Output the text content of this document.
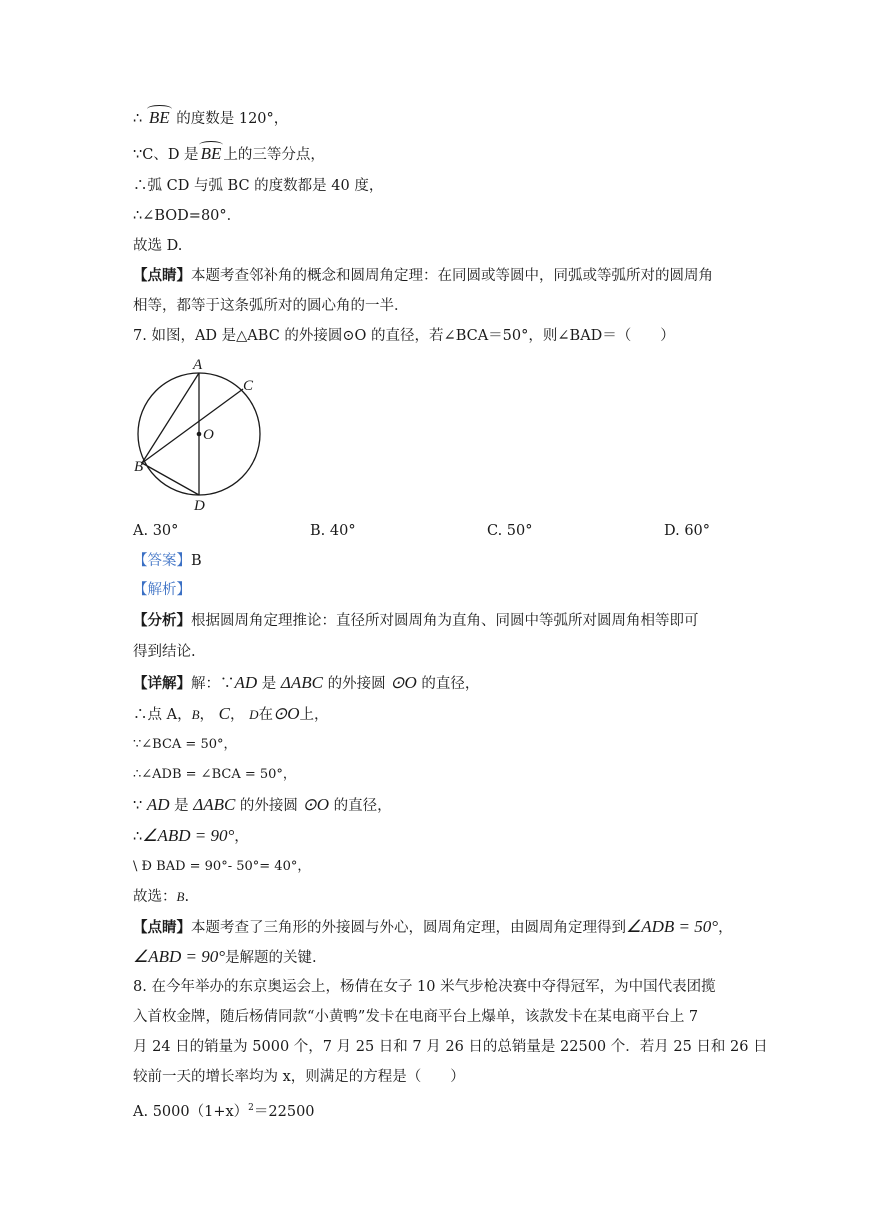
∴ BE 的度数是 120°，
∵C、D 是 BE 上的三等分点，
∴弧 CD 与弧 BC 的度数都是 40 度，
∴∠BOD=80°．
故选 D.
【点睛】本题考查邻补角的概念和圆周角定理：在同圆或等圆中，同弧或等弧所对的圆周角
相等，都等于这条弧所对的圆心角的一半．
7. 如图，AD 是△ABC 的外接圆⊙O 的直径，若∠BCA＝50°，则∠BAD＝（　　）
A
C
O
B
D
A. 30°	B. 40°	C. 50°	D. 60°
【答案】B
【解析】
【分析】根据圆周角定理推论：直径所对圆周角为直角、同圆中等弧所对圆周角相等即可
得到结论.
【详解】解：∵AD 是 ΔABC 的外接圆 ⊙O 的直径，
∴点 A，B， C， D在⊙O上，
∵∠BCA = 50°，
∴∠ADB = ∠BCA = 50°，
∵ AD 是 ΔABC 的外接圆 ⊙O 的直径，
∴∠ABD = 90°，
\ Ð BAD = 90°- 50°= 40°，
故选：B.
【点睛】本题考查了三角形的外接圆与外心，圆周角定理，由圆周角定理得到∠ADB = 50°，
∠ABD = 90°是解题的关键.
8. 在今年举办的东京奥运会上，杨倩在女子 10 米气步枪决赛中夺得冠军，为中国代表团揽
入首枚金牌，随后杨倩同款“小黄鸭”发卡在电商平台上爆单，该款发卡在某电商平台上 7
月 24 日的销量为 5000 个，7 月 25 日和 7 月 26 日的总销量是 22500 个．若月 25 日和 26 日
较前一天的增长率均为 x，则满足的方程是（　　）
A. $5000(1+x)^2=22500$
